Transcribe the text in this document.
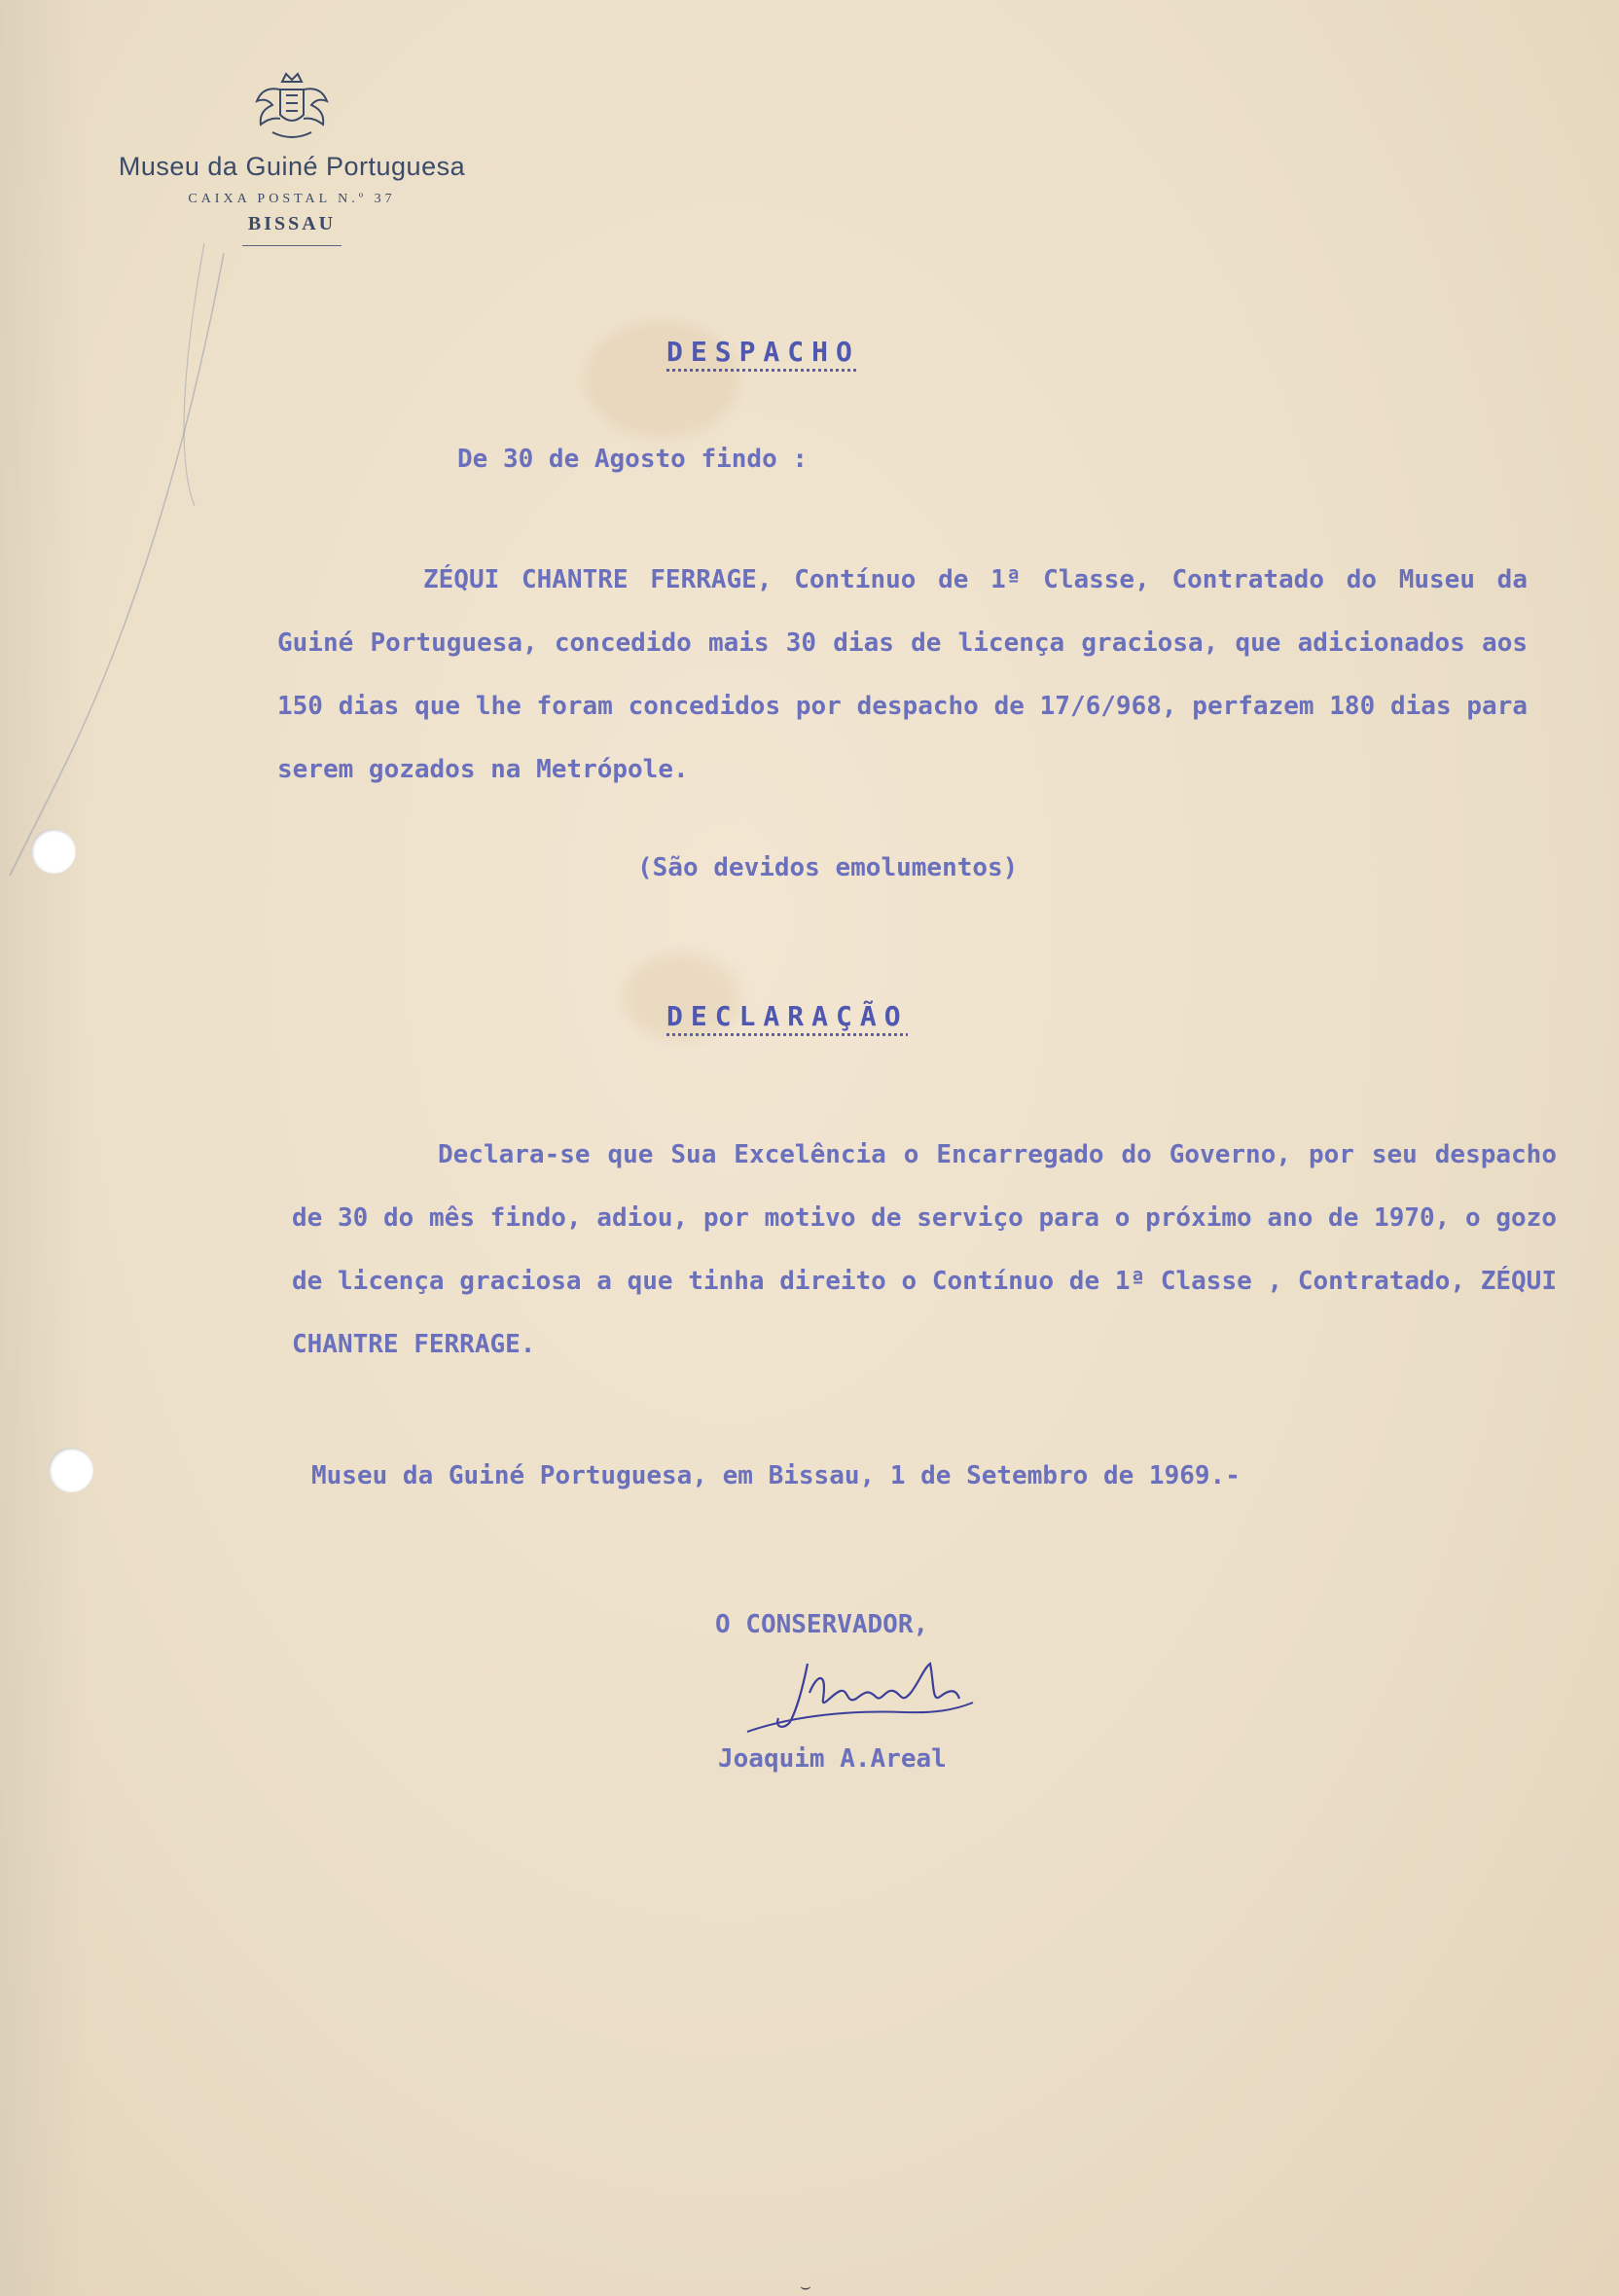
Museu da Guiné Portuguesa
CAIXA POSTAL N.º 37
BISSAU
DESPACHO
De 30 de Agosto findo :
ZÉQUI CHANTRE FERRAGE, Contínuo de 1ª Classe, Contratado do Museu da Guiné Portuguesa, concedido mais 30 dias de licença graciosa, que adicionados aos 150 dias que lhe foram concedidos por despacho de 17/6/968, perfazem 180 dias para serem gozados na Metrópole.
(São devidos emolumentos)
DECLARAÇÃO
Declara-se que Sua Excelência o Encarregado do Governo, por seu despacho de 30 do mês findo, adiou, por motivo de serviço para o próximo ano de 1970, o gozo de licença graciosa a que tinha direito o Contínuo de 1ª Classe , Contratado, ZÉQUI CHANTRE FERRAGE.
Museu da Guiné Portuguesa, em Bissau, 1 de Setembro de 1969.-
O CONSERVADOR,
Joaquim A.Areal
⌣
